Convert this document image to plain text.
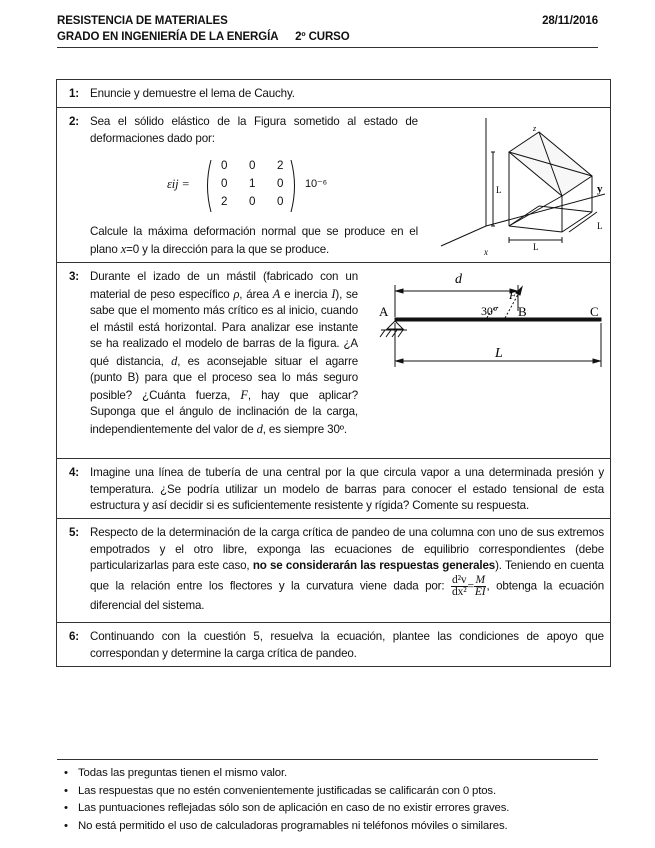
RESISTENCIA DE MATERIALES	28/11/2016
GRADO EN INGENIERÍA DE LA ENERGÍA 2º CURSO
1: Enuncie y demuestre el lema de Cauchy.

2: Sea el sólido elástico de la Figura sometido al estado de deformaciones dado por:

εij =
0 0 2
0 1 0
2 0 0
10⁻⁶

Calcule la máxima deformación normal que se produce en el plano x=0 y la dirección para la que se produce.

z
y
x
L
L
L
3: Durante el izado de un mástil (fabricado con un material de peso específico ρ, área A e inercia I), se sabe que el momento más crítico es al inicio, cuando el mástil está horizontal. Para analizar ese instante se ha realizado el modelo de barras de la figura. ¿A qué distancia, d, es aconsejable situar el agarre (punto B) para que el proceso sea lo más seguro posible? ¿Cuánta fuerza, F, hay que aplicar? Suponga que el ángulo de inclinación de la carga, independientemente del valor de d, es siempre 30º.

d
F
30°
A	B	C
L
4: Imagine una línea de tubería de una central por la que circula vapor a una determinada presión y temperatura. ¿Se podría utilizar un modelo de barras para conocer el estado tensional de esta estructura y así decidir si es suficientemente resistente y rígida? Comente su respuesta.

5: Respecto de la determinación de la carga crítica de pandeo de una columna con uno de sus extremos empotrados y el otro libre, exponga las ecuaciones de equilibrio correspondientes (debe particularizarlas para este caso, no se considerarán las respuestas generales). Teniendo en cuenta que la relación entre los flectores y la curvatura viene dada por: $\frac{\text{d²v}}{\text{dx²}} = \frac{M}{EI}$ , obtenga la ecuación diferencial del sistema.

6: Continuando con la cuestión 5, resuelva la ecuación, plantee las condiciones de apoyo que correspondan y determine la carga crítica de pandeo.

• Todas las preguntas tienen el mismo valor.
• Las respuestas que no estén convenientemente justificadas se calificarán con 0 ptos.
• Las puntuaciones reflejadas sólo son de aplicación en caso de no existir errores graves.
• No está permitido el uso de calculadoras programables ni teléfonos móviles o similares.
